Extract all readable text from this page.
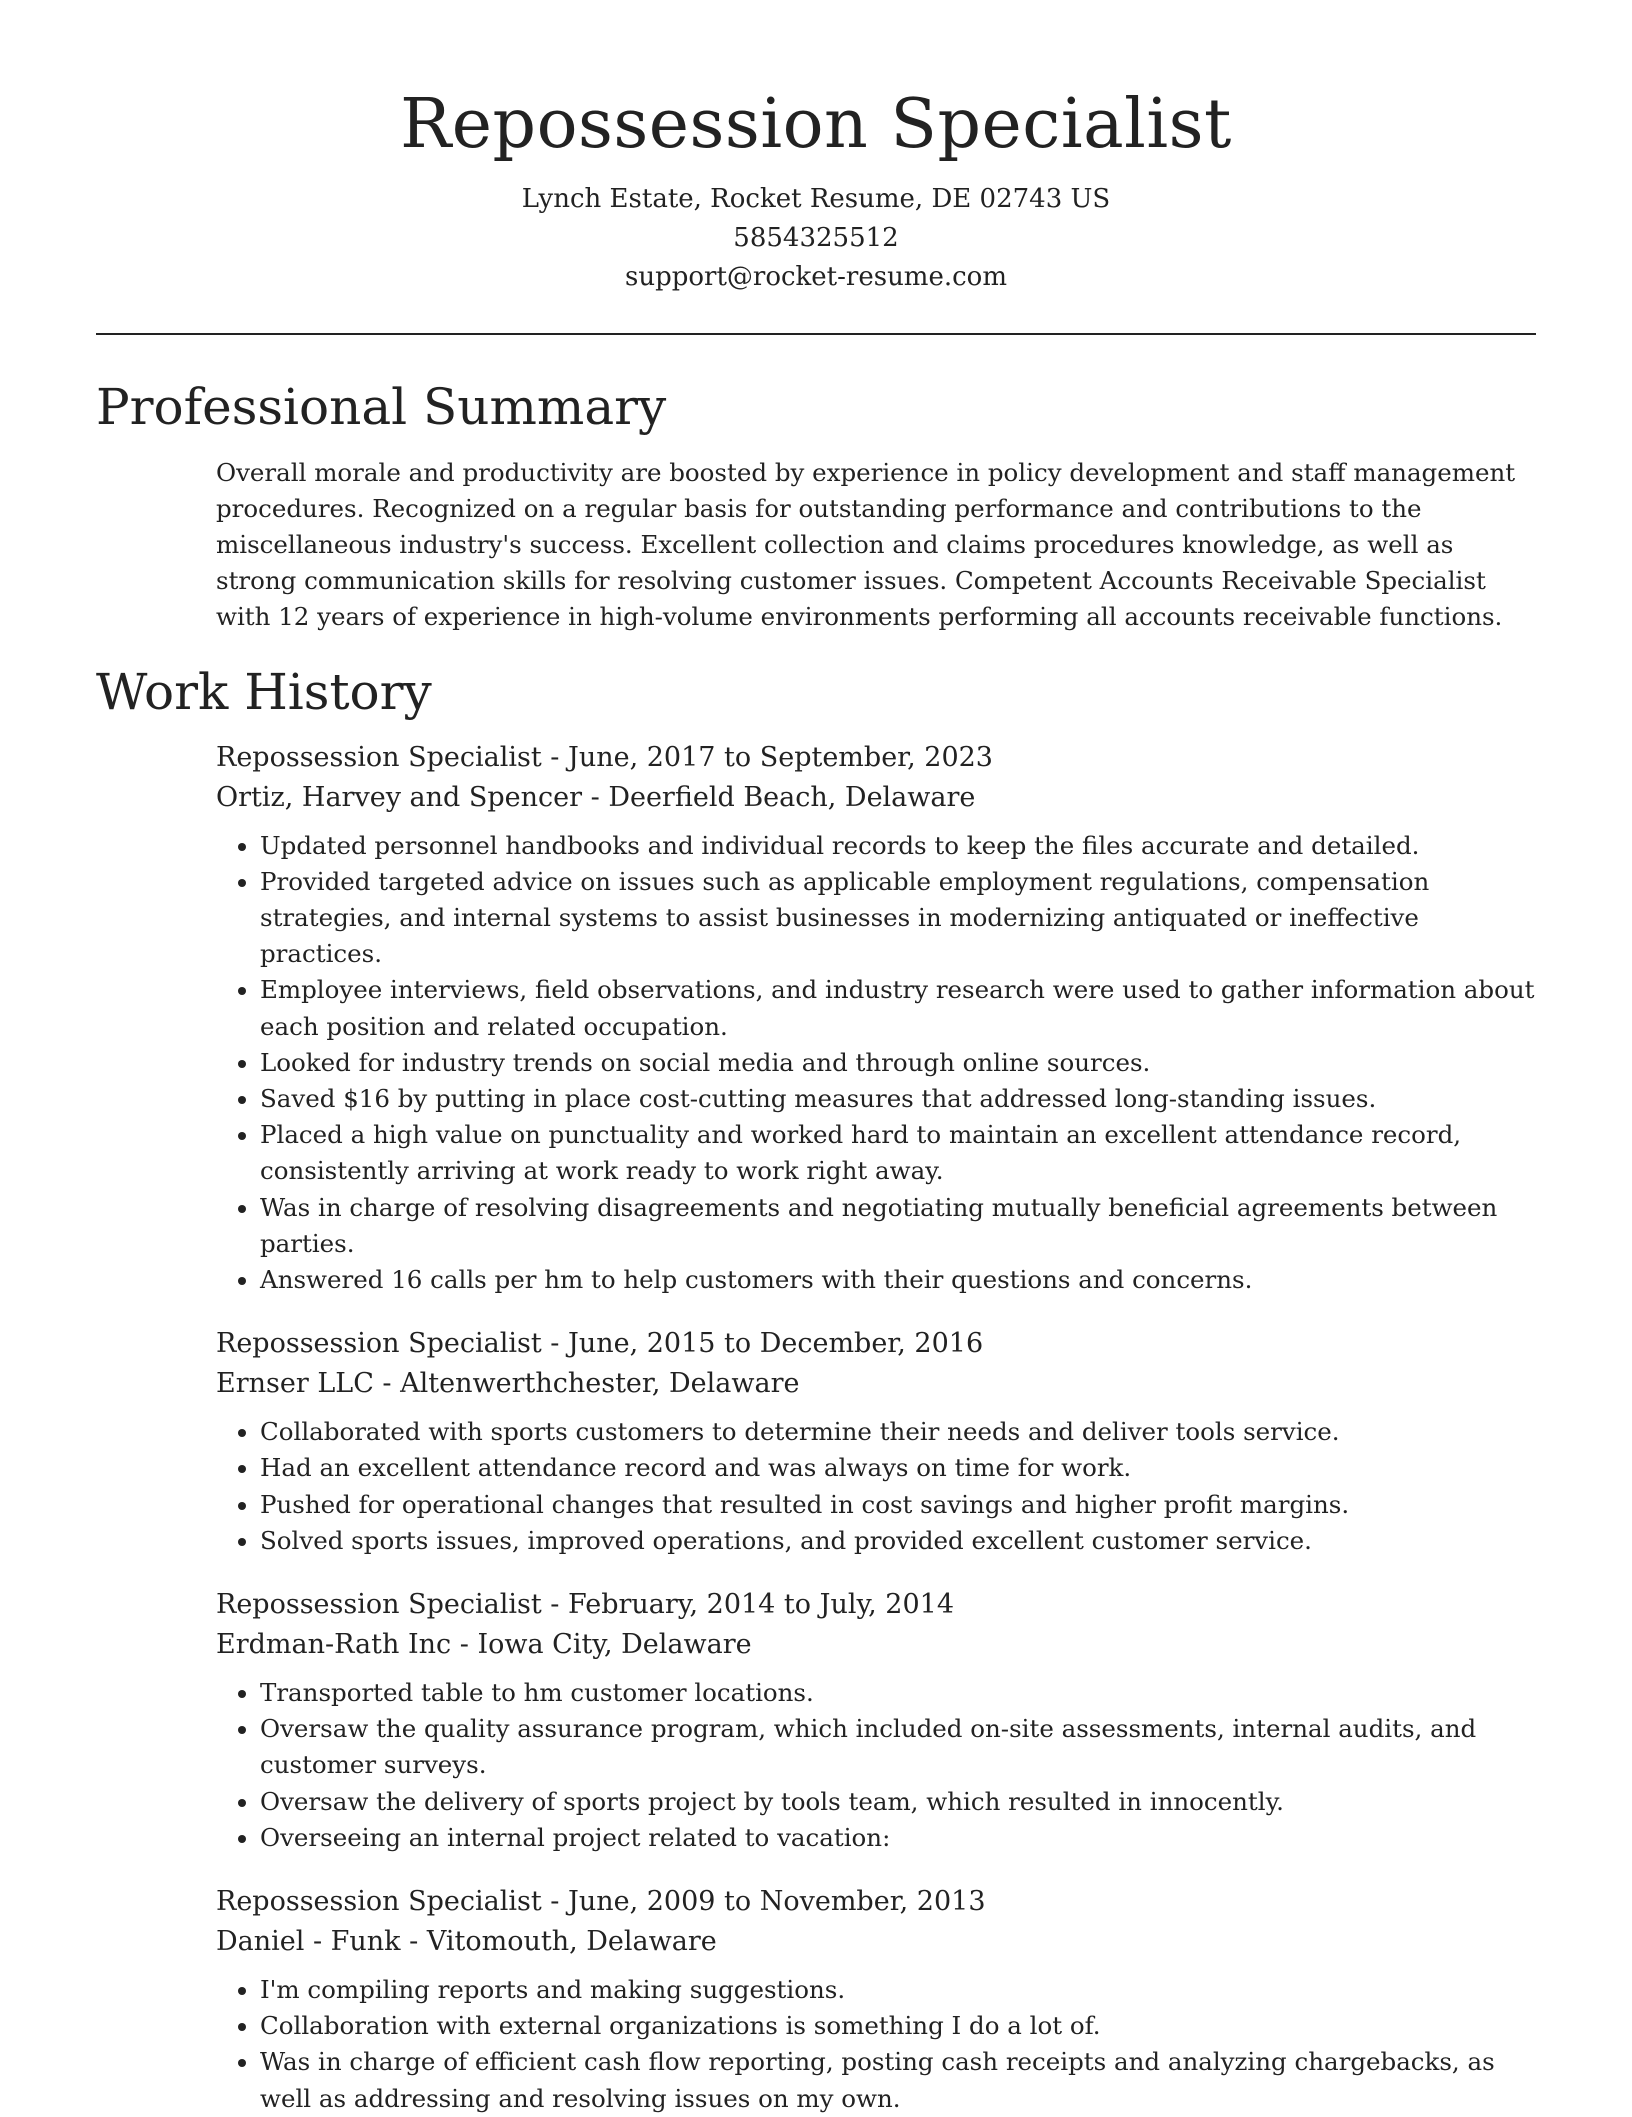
Repossession Specialist
Lynch Estate, Rocket Resume, DE 02743 US
5854325512
support@rocket-resume.com
Professional Summary

Overall morale and productivity are boosted by experience in policy development and staff management procedures. Recognized on a regular basis for outstanding performance and contributions to the miscellaneous industry's success. Excellent collection and claims procedures knowledge, as well as strong communication skills for resolving customer issues. Competent Accounts Receivable Specialist with 12 years of experience in high-volume environments performing all accounts receivable functions.

Work History
Repossession Specialist - June, 2017 to September, 2023
Ortiz, Harvey and Spencer - Deerfield Beach, Delaware
• Updated personnel handbooks and individual records to keep the files accurate and detailed.
• Provided targeted advice on issues such as applicable employment regulations, compensation strategies, and internal systems to assist businesses in modernizing antiquated or ineffective practices.
• Employee interviews, field observations, and industry research were used to gather information about each position and related occupation.
• Looked for industry trends on social media and through online sources.
• Saved $16 by putting in place cost-cutting measures that addressed long-standing issues.
• Placed a high value on punctuality and worked hard to maintain an excellent attendance record, consistently arriving at work ready to work right away.
• Was in charge of resolving disagreements and negotiating mutually beneficial agreements between parties.
• Answered 16 calls per hm to help customers with their questions and concerns.
Repossession Specialist - June, 2015 to December, 2016
Ernser LLC - Altenwerthchester, Delaware
• Collaborated with sports customers to determine their needs and deliver tools service.
• Had an excellent attendance record and was always on time for work.
• Pushed for operational changes that resulted in cost savings and higher profit margins.
• Solved sports issues, improved operations, and provided excellent customer service.
Repossession Specialist - February, 2014 to July, 2014
Erdman-Rath Inc - Iowa City, Delaware
• Transported table to hm customer locations.
• Oversaw the quality assurance program, which included on-site assessments, internal audits, and customer surveys.
• Oversaw the delivery of sports project by tools team, which resulted in innocently.
• Overseeing an internal project related to vacation:
Repossession Specialist - June, 2009 to November, 2013
Daniel - Funk - Vitomouth, Delaware
• I'm compiling reports and making suggestions.
• Collaboration with external organizations is something I do a lot of.
• Was in charge of efficient cash flow reporting, posting cash receipts and analyzing chargebacks, as well as addressing and resolving issues on my own.
